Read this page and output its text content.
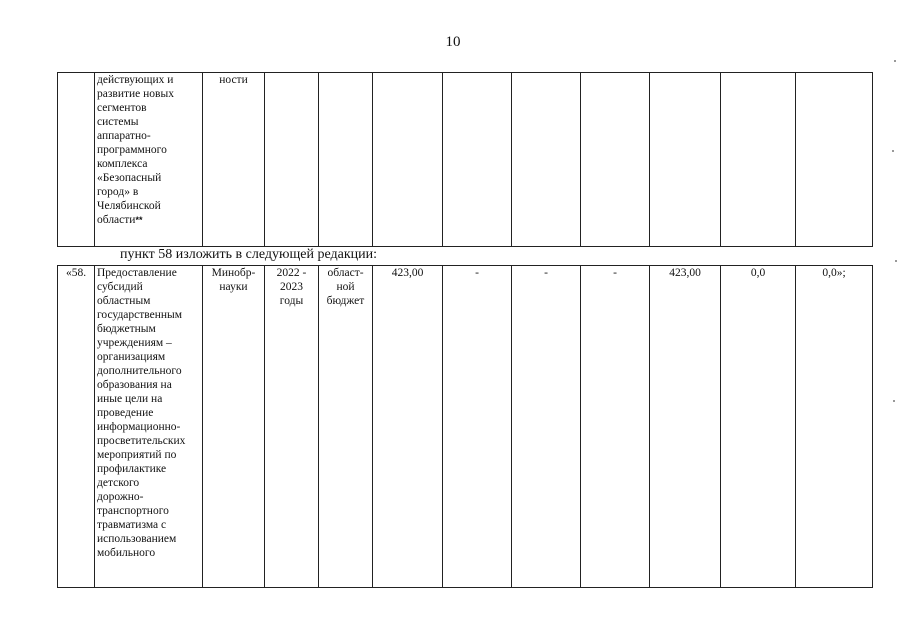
10

действующих и
развитие новых
сегментов
системы
аппаратно-
программного
комплекса
«Безопасный
город» в
Челябинской
области**
	ности									
пункт 58 изложить в следующей редакции:
«58.	Предоставление
субсидий
областным
государственным
бюджетным
учреждениям –
организациям
дополнительного
образования на
иные цели на
проведение
информационно-
просветительских
мероприятий по
профилактике
детского
дорожно-
транспортного
травматизма с
использованием
мобильного
	Минобр-
науки	2022 -
2023
годы	област-
ной
бюджет	423,00	-	-	-	423,00	0,0	0,0»;
